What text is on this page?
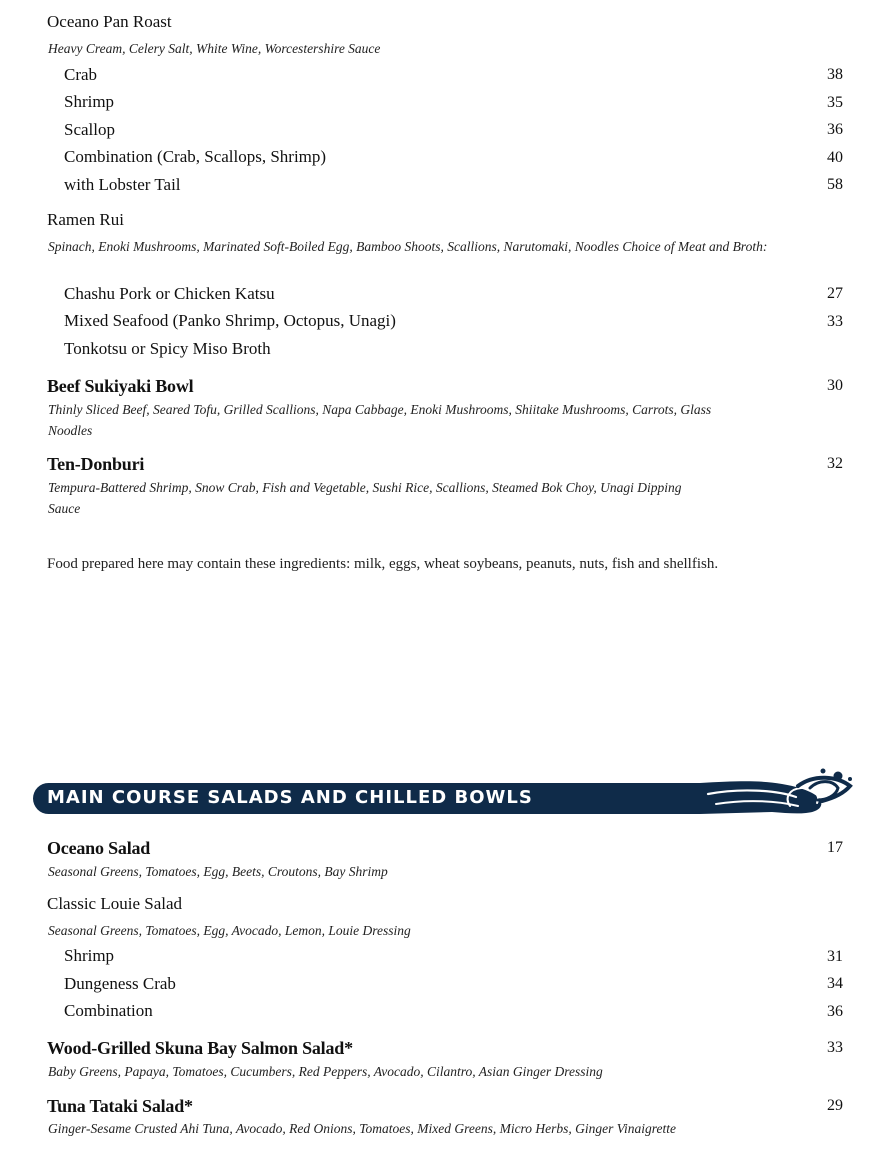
Oceano Pan Roast
Heavy Cream, Celery Salt, White Wine, Worcestershire Sauce
Crab	38
Shrimp	35
Scallop	36
Combination (Crab, Scallops, Shrimp)	40
with Lobster Tail	58
Ramen Rui
Spinach, Enoki Mushrooms, Marinated Soft-Boiled Egg, Bamboo Shoots, Scallions, Narutomaki, Noodles Choice of Meat and Broth:
Chashu Pork or Chicken Katsu	27
Mixed Seafood (Panko Shrimp, Octopus, Unagi)	33
Tonkotsu or Spicy Miso Broth
Beef Sukiyaki Bowl	30
Thinly Sliced Beef, Seared Tofu, Grilled Scallions, Napa Cabbage, Enoki Mushrooms, Shiitake Mushrooms, Carrots, Glass Noodles
Ten-Donburi	32
Tempura-Battered Shrimp, Snow Crab, Fish and Vegetable, Sushi Rice, Scallions, Steamed Bok Choy, Unagi Dipping Sauce
Food prepared here may contain these ingredients: milk, eggs, wheat soybeans, peanuts, nuts, fish and shellfish.
MAIN COURSE SALADS AND CHILLED BOWLS
Oceano Salad	17
Seasonal Greens, Tomatoes, Egg, Beets, Croutons, Bay Shrimp
Classic Louie Salad
Seasonal Greens, Tomatoes, Egg, Avocado, Lemon, Louie Dressing
Shrimp	31
Dungeness Crab	34
Combination	36
Wood-Grilled Skuna Bay Salmon Salad*	33
Baby Greens, Papaya, Tomatoes, Cucumbers, Red Peppers, Avocado, Cilantro, Asian Ginger Dressing
Tuna Tataki Salad*	29
Ginger-Sesame Crusted Ahi Tuna, Avocado, Red Onions, Tomatoes, Mixed Greens, Micro Herbs, Ginger Vinaigrette
